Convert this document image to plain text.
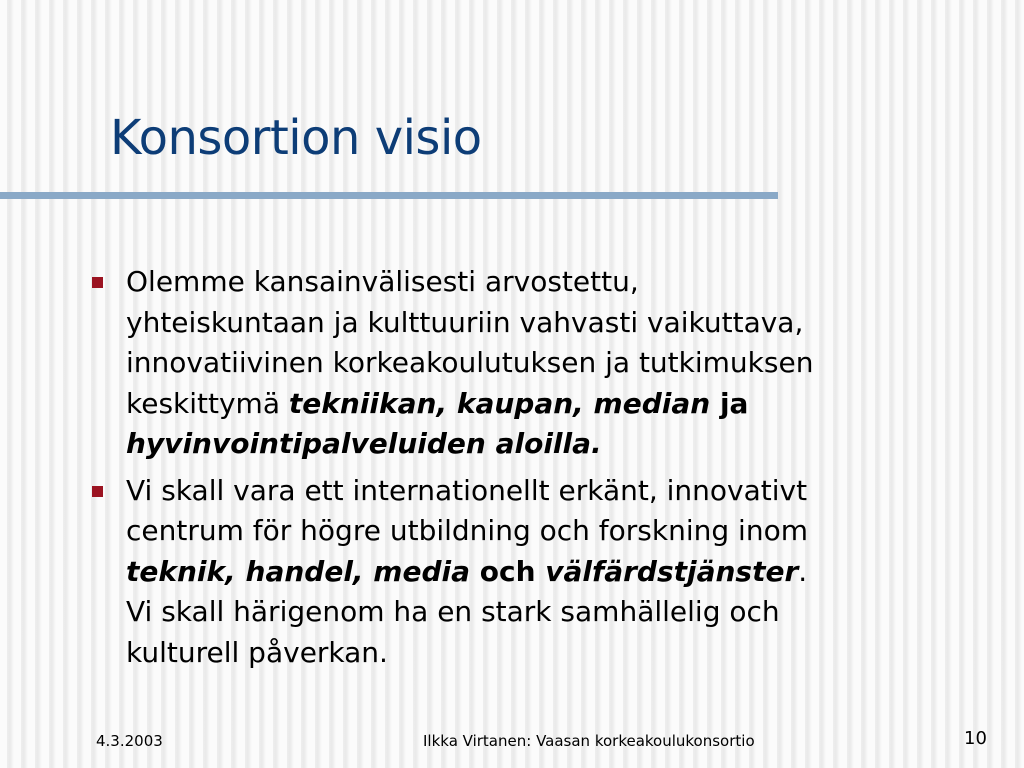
Konsortion visio
Olemme kansainvälisesti arvostettu,
yhteiskuntaan ja kulttuuriin vahvasti vaikuttava,
innovatiivinen korkeakoulutuksen ja tutkimuksen
keskittymä tekniikan, kaupan, median ja
hyvinvointipalveluiden aloilla.
Vi skall vara ett internationellt erkänt, innovativt
centrum för högre utbildning och forskning inom
teknik, handel, media och välfärdstjänster.
Vi skall härigenom ha en stark samhällelig och
kulturell påverkan.
4.3.2003	Ilkka Virtanen: Vaasan korkeakoulukonsortio	10
